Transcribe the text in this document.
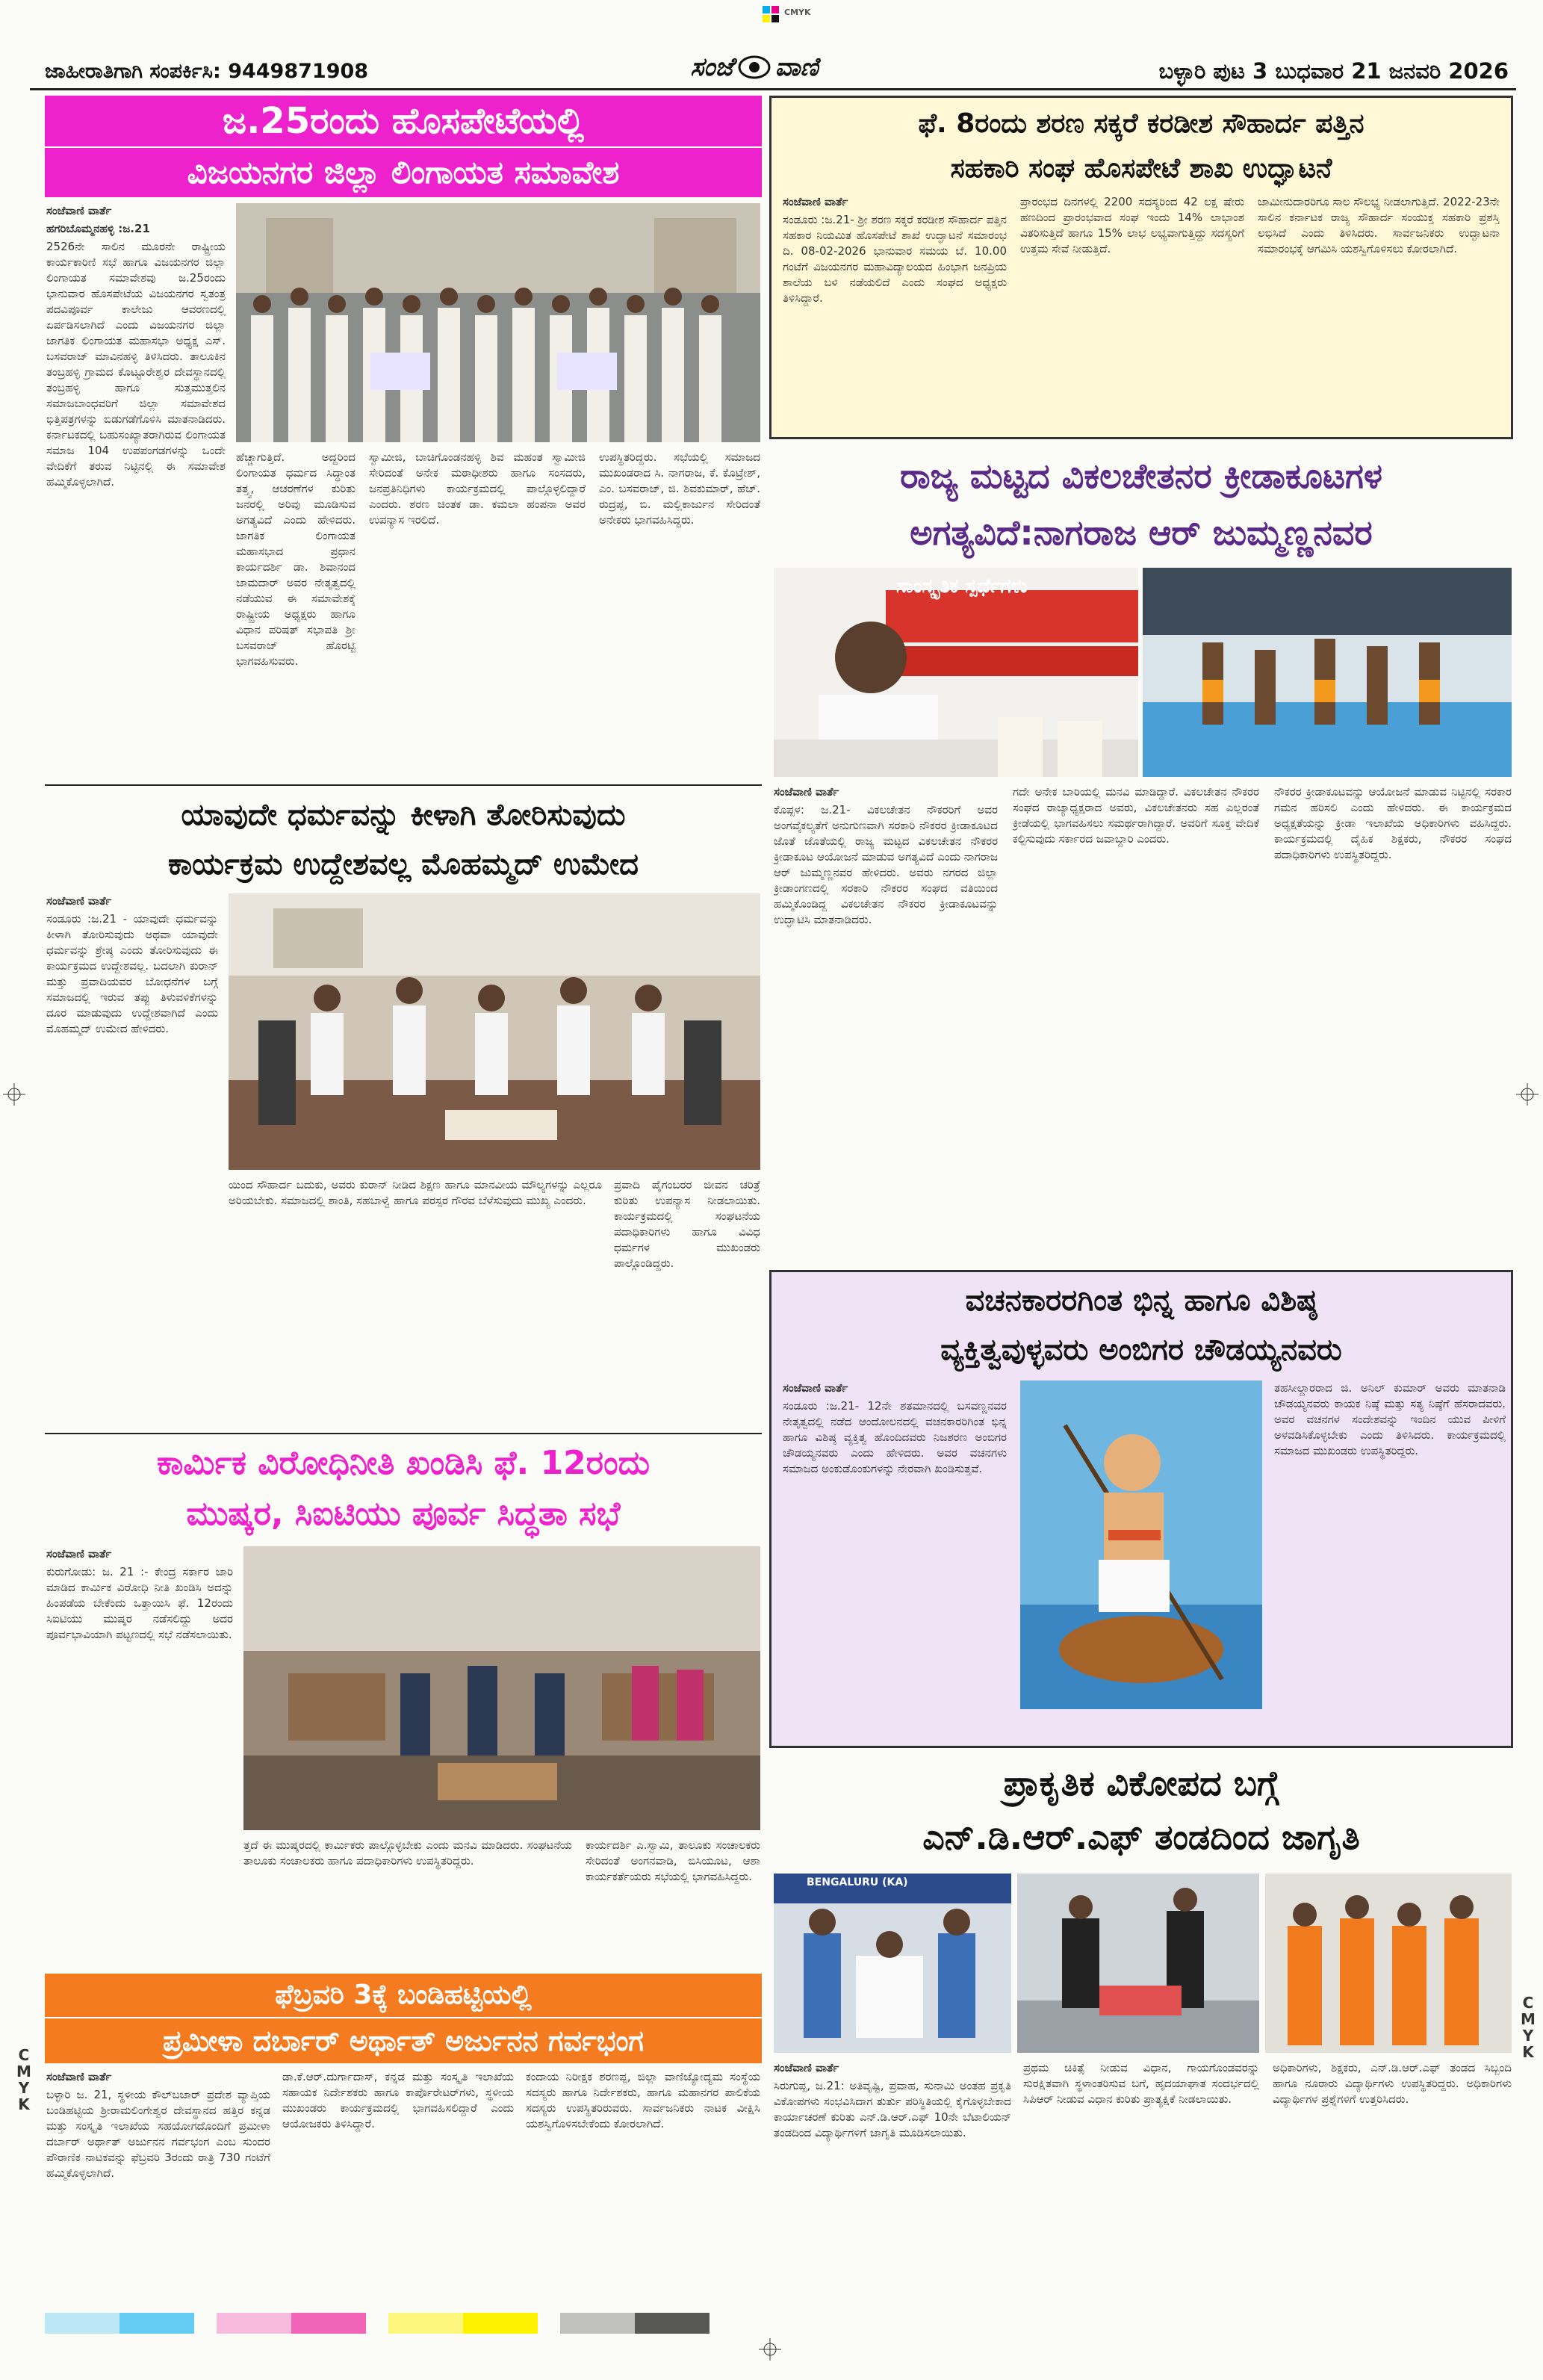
CMYK
ಜಾಹೀರಾತಿಗಾಗಿ ಸಂಪರ್ಕಿಸಿ: 9449871908	ಸಂಜೆ ವಾಣಿ	ಬಳ್ಳಾರಿ ಪುಟ 3 ಬುಧವಾರ 21 ಜನವರಿ 2026
ಜ.25ರಂದು ಹೊಸಪೇಟೆಯಲ್ಲಿ
ವಿಜಯನಗರ ಜಿಲ್ಲಾ ಲಿಂಗಾಯತ ಸಮಾವೇಶ
ಸಂಜೆವಾಣಿ ವಾರ್ತೆ
ಹಗರಿಬೊಮ್ಮನಹಳ್ಳಿ :ಜ.21
2526ನೇ ಸಾಲಿನ ಮೂರನೇ ರಾಷ್ಟ್ರೀಯ ಕಾರ್ಯಕಾರಿಣಿ ಸಭೆ ಹಾಗೂ ವಿಜಯನಗರ ಜಿಲ್ಲಾ ಲಿಂಗಾಯತ ಸಮಾವೇಶವು ಜ.25ರಂದು ಭಾನುವಾರ ಹೊಸಪೇಟೆಯ ವಿಜಯನಗರ ಸ್ವತಂತ್ರ ಪದವಿಪೂರ್ವ ಕಾಲೇಜು ಆವರಣದಲ್ಲಿ ಏರ್ಪಡಿಸಲಾಗಿದೆ ಎಂದು ವಿಜಯನಗರ ಜಿಲ್ಲಾ ಜಾಗತಿಕ ಲಿಂಗಾಯತ ಮಹಾಸಭಾ ಅಧ್ಯಕ್ಷ ಎಸ್. ಬಸವರಾಜ್ ಮಾವಿನಹಳ್ಳಿ ತಿಳಿಸಿದರು. ತಾಲೂಕಿನ ತಂಬ್ರಹಳ್ಳಿ ಗ್ರಾಮದ ಕೊಟ್ಟೂರೇಶ್ವರ ದೇವಸ್ಥಾನದಲ್ಲಿ ತಂಬ್ರಹಳ್ಳಿ ಹಾಗೂ ಸುತ್ತಮುತ್ತಲಿನ ಸಮಾಜಬಾಂಧವರಿಗೆ ಜಿಲ್ಲಾ ಸಮಾವೇಶದ ಭಿತ್ತಿಪತ್ರಗಳನ್ನು ಬಿಡುಗಡೆಗೊಳಿಸಿ ಮಾತನಾಡಿದರು. ಕರ್ನಾಟಕದಲ್ಲಿ ಬಹುಸಂಖ್ಯಾತರಾಗಿರುವ ಲಿಂಗಾಯತ ಸಮಾಜ 104 ಉಪಪಂಗಡಗಳನ್ನು ಒಂದೇ ವೇದಿಕೆಗೆ ತರುವ ನಿಟ್ಟಿನಲ್ಲಿ ಈ ಸಮಾವೇಶ ಹಮ್ಮಿಕೊಳ್ಳಲಾಗಿದೆ.
ಹೆಚ್ಚಾಗುತ್ತಿದೆ. ಅದ್ದರಿಂದ ಲಿಂಗಾಯತ ಧರ್ಮದ ಸಿದ್ಧಾಂತ ತತ್ತ್ವ, ಆಚರಣೆಗಳ ಕುರಿತು ಜನರಲ್ಲಿ ಅರಿವು ಮೂಡಿಸುವ ಅಗತ್ಯವಿದೆ ಎಂದು ಹೇಳಿದರು. ಜಾಗತಿಕ ಲಿಂಗಾಯತ ಮಹಾಸಭಾದ ಪ್ರಧಾನ ಕಾರ್ಯದರ್ಶಿ ಡಾ. ಶಿವಾನಂದ ಜಾಮದಾರ್ ಅವರ ನೇತೃತ್ವದಲ್ಲಿ ನಡೆಯುವ ಈ ಸಮಾವೇಶಕ್ಕೆ ರಾಷ್ಟ್ರೀಯ ಅಧ್ಯಕ್ಷರು ಹಾಗೂ ವಿಧಾನ ಪರಿಷತ್ ಸಭಾಪತಿ ಶ್ರೀ ಬಸವರಾಜ್ ಹೊರಟ್ಟಿ ಭಾಗವಹಿಸುವರು.
ಸ್ವಾಮೀಜಿ, ಬಾಚಿಗೊಂಡನಹಳ್ಳಿ ಶಿವ ಮಹಂತ ಸ್ವಾಮೀಜಿ ಸೇರಿದಂತೆ ಅನೇಕ ಮಠಾಧೀಶರು ಹಾಗೂ ಸಂಸದರು, ಜನಪ್ರತಿನಿಧಿಗಳು ಕಾರ್ಯಕ್ರಮದಲ್ಲಿ ಪಾಲ್ಗೊಳ್ಳಲಿದ್ದಾರೆ ಎಂದರು. ಶರಣ ಚಿಂತಕ ಡಾ. ಕಮಲಾ ಹಂಪನಾ ಅವರ ಉಪನ್ಯಾಸ ಇರಲಿದೆ.
ಉಪಸ್ಥಿತರಿದ್ದರು. ಸಭೆಯಲ್ಲಿ ಸಮಾಜದ ಮುಖಂಡರಾದ ಸಿ. ನಾಗರಾಜ, ಕೆ. ಕೊಟ್ರೇಶ್, ಎಂ. ಬಸವರಾಜ್, ಜಿ. ಶಿವಕುಮಾರ್, ಹೆಚ್. ರುದ್ರಪ್ಪ, ಬಿ. ಮಲ್ಲಿಕಾರ್ಜುನ ಸೇರಿದಂತೆ ಅನೇಕರು ಭಾಗವಹಿಸಿದ್ದರು.
ಫೆ. 8ರಂದು ಶರಣ ಸಕ್ಕರೆ ಕರಡೀಶ ಸೌಹಾರ್ದ ಪತ್ತಿನ
ಸಹಕಾರಿ ಸಂಘ ಹೊಸಪೇಟೆ ಶಾಖ ಉದ್ಘಾಟನೆ
ಸಂಜೆವಾಣಿ ವಾರ್ತೆ
ಸಂಡೂರು :ಜ.21- ಶ್ರೀ ಶರಣ ಸಕ್ಕರೆ ಕರಡೀಶ ಸೌಹಾರ್ದ ಪತ್ತಿನ ಸಹಕಾರ ನಿಯಮಿತ ಹೊಸಪೇಟೆ ಶಾಖೆ ಉದ್ಘಾಟನೆ ಸಮಾರಂಭ ದಿ. 08-02-2026 ಭಾನುವಾರ ಸಮಯ ಬೆ. 10.00 ಗಂಟೆಗೆ ವಿಜಯನಗರ ಮಹಾವಿದ್ಯಾಲಯದ ಹಿಂಭಾಗ ಜನಪ್ರಿಯ ಶಾಲೆಯ ಬಳಿ ನಡೆಯಲಿದೆ ಎಂದು ಸಂಘದ ಅಧ್ಯಕ್ಷರು ತಿಳಿಸಿದ್ದಾರೆ.
ಪ್ರಾರಂಭದ ದಿನಗಳಲ್ಲಿ 2200 ಸದಸ್ಯರಿಂದ 42 ಲಕ್ಷ ಷೇರು ಹಣದಿಂದ ಪ್ರಾರಂಭವಾದ ಸಂಘ ಇಂದು 14% ಲಾಭಾಂಶ ವಿತರಿಸುತ್ತಿದೆ ಹಾಗೂ 15% ಲಾಭ ಲಭ್ಯವಾಗುತ್ತಿದ್ದು ಸದಸ್ಯರಿಗೆ ಉತ್ತಮ ಸೇವೆ ನೀಡುತ್ತಿದೆ.
ಜಾಮೀನುದಾರರಿಗೂ ಸಾಲ ಸೌಲಭ್ಯ ನೀಡಲಾಗುತ್ತಿದೆ. 2022-23ನೇ ಸಾಲಿನ ಕರ್ನಾಟಕ ರಾಜ್ಯ ಸೌಹಾರ್ದ ಸಂಯುಕ್ತ ಸಹಕಾರಿ ಪ್ರಶಸ್ತಿ ಲಭಿಸಿದೆ ಎಂದು ತಿಳಿಸಿದರು. ಸಾರ್ವಜನಿಕರು ಉದ್ಘಾಟನಾ ಸಮಾರಂಭಕ್ಕೆ ಆಗಮಿಸಿ ಯಶಸ್ವಿಗೊಳಿಸಲು ಕೋರಲಾಗಿದೆ.
ರಾಜ್ಯ ಮಟ್ಟದ ವಿಕಲಚೇತನರ ಕ್ರೀಡಾಕೂಟಗಳ
ಅಗತ್ಯವಿದೆ:ನಾಗರಾಜ ಆರ್ ಜುಮ್ಮಣ್ಣನವರ
ಸಾಂಸ್ಕೃತಿಕ ಸ್ಪರ್ಧೆಗಳು
ಸಂಜೆವಾಣಿ ವಾರ್ತೆ
ಕೊಪ್ಪಳ: ಜ.21- ವಿಕಲಚೇತನ ನೌಕರರಿಗೆ ಅವರ ಅಂಗವೈಕಲ್ಯತೆಗೆ ಅನುಗುಣವಾಗಿ ಸರಕಾರಿ ನೌಕರರ ಕ್ರೀಡಾಕೂಟದ ಜೊತೆ ಜೊತೆಯಲ್ಲಿ ರಾಜ್ಯ ಮಟ್ಟದ ವಿಕಲಚೇತನ ನೌಕರರ ಕ್ರೀಡಾಕೂಟ ಆಯೋಜನೆ ಮಾಡುವ ಅಗತ್ಯವಿದೆ ಎಂದು ನಾಗರಾಜ ಆರ್ ಜುಮ್ಮಣ್ಣನವರ ಹೇಳಿದರು. ಅವರು ನಗರದ ಜಿಲ್ಲಾ ಕ್ರೀಡಾಂಗಣದಲ್ಲಿ ಸರಕಾರಿ ನೌಕರರ ಸಂಘದ ವತಿಯಿಂದ ಹಮ್ಮಿಕೊಂಡಿದ್ದ ವಿಕಲಚೇತನ ನೌಕರರ ಕ್ರೀಡಾಕೂಟವನ್ನು ಉದ್ಘಾಟಿಸಿ ಮಾತನಾಡಿದರು.
ಗದೇ ಅನೇಕ ಬಾರಿಯಲ್ಲಿ ಮನವಿ ಮಾಡಿದ್ದಾರೆ. ವಿಕಲಚೇತನ ನೌಕರರ ಸಂಘದ ರಾಜ್ಯಾಧ್ಯಕ್ಷರಾದ ಅವರು, ವಿಕಲಚೇತನರು ಸಹ ಎಲ್ಲರಂತೆ ಕ್ರೀಡೆಯಲ್ಲಿ ಭಾಗವಹಿಸಲು ಸಮರ್ಥರಾಗಿದ್ದಾರೆ. ಅವರಿಗೆ ಸೂಕ್ತ ವೇದಿಕೆ ಕಲ್ಪಿಸುವುದು ಸರ್ಕಾರದ ಜವಾಬ್ದಾರಿ ಎಂದರು.
ನೌಕರರ ಕ್ರೀಡಾಕೂಟವನ್ನು ಆಯೋಜನೆ ಮಾಡುವ ನಿಟ್ಟಿನಲ್ಲಿ ಸರಕಾರ ಗಮನ ಹರಿಸಲಿ ಎಂದು ಹೇಳಿದರು. ಈ ಕಾರ್ಯಕ್ರಮದ ಅಧ್ಯಕ್ಷತೆಯನ್ನು ಕ್ರೀಡಾ ಇಲಾಖೆಯ ಅಧಿಕಾರಿಗಳು ವಹಿಸಿದ್ದರು. ಕಾರ್ಯಕ್ರಮದಲ್ಲಿ ದೈಹಿಕ ಶಿಕ್ಷಕರು, ನೌಕರರ ಸಂಘದ ಪದಾಧಿಕಾರಿಗಳು ಉಪಸ್ಥಿತರಿದ್ದರು.
ಯಾವುದೇ ಧರ್ಮವನ್ನು ಕೀಳಾಗಿ ತೋರಿಸುವುದು
ಕಾರ್ಯಕ್ರಮ ಉದ್ದೇಶವಲ್ಲ ಮೊಹಮ್ಮದ್ ಉಮೇದ
ಸಂಜೆವಾಣಿ ವಾರ್ತೆ
ಸಂಡೂರು :ಜ.21 - ಯಾವುದೇ ಧರ್ಮವನ್ನು ಕೀಳಾಗಿ ತೋರಿಸುವುದು ಅಥವಾ ಯಾವುದೇ ಧರ್ಮವನ್ನು ಶ್ರೇಷ್ಠ ಎಂದು ತೋರಿಸುವುದು ಈ ಕಾರ್ಯಕ್ರಮದ ಉದ್ದೇಶವಲ್ಲ. ಬದಲಾಗಿ ಕುರಾನ್ ಮತ್ತು ಪ್ರವಾದಿಯವರ ಬೋಧನೆಗಳ ಬಗ್ಗೆ ಸಮಾಜದಲ್ಲಿ ಇರುವ ತಪ್ಪು ತಿಳುವಳಿಕೆಗಳನ್ನು ದೂರ ಮಾಡುವುದು ಉದ್ದೇಶವಾಗಿದೆ ಎಂದು ಮೊಹಮ್ಮದ್ ಉಮೇದ ಹೇಳಿದರು.
ಯಿಂದ ಸೌಹಾರ್ದ ಬದುಕು, ಅವರು ಕುರಾನ್ ನೀಡಿದ ಶಿಕ್ಷಣ ಹಾಗೂ ಮಾನವೀಯ ಮೌಲ್ಯಗಳನ್ನು ಎಲ್ಲರೂ ಅರಿಯಬೇಕು. ಸಮಾಜದಲ್ಲಿ ಶಾಂತಿ, ಸಹಬಾಳ್ವೆ ಹಾಗೂ ಪರಸ್ಪರ ಗೌರವ ಬೆಳೆಸುವುದು ಮುಖ್ಯ ಎಂದರು.
ಪ್ರವಾದಿ ಪೈಗಂಬರರ ಜೀವನ ಚರಿತ್ರೆ ಕುರಿತು ಉಪನ್ಯಾಸ ನೀಡಲಾಯಿತು. ಕಾರ್ಯಕ್ರಮದಲ್ಲಿ ಸಂಘಟನೆಯ ಪದಾಧಿಕಾರಿಗಳು ಹಾಗೂ ವಿವಿಧ ಧರ್ಮಗಳ ಮುಖಂಡರು ಪಾಲ್ಗೊಂಡಿದ್ದರು.
ಕಾರ್ಮಿಕ ವಿರೋಧಿನೀತಿ ಖಂಡಿಸಿ ಫೆ. 12ರಂದು
ಮುಷ್ಕರ, ಸಿಐಟಿಯು ಪೂರ್ವ ಸಿದ್ಧತಾ ಸಭೆ
ಸಂಜೆವಾಣಿ ವಾರ್ತೆ
ಕುರುಗೋಡು: ಜ. 21 :- ಕೇಂದ್ರ ಸರ್ಕಾರ ಜಾರಿ ಮಾಡಿದ ಕಾರ್ಮಿಕ ವಿರೋಧಿ ನೀತಿ ಖಂಡಿಸಿ ಅದನ್ನು ಹಿಂಪಡೆಯ ಬೇಕೆಂದು ಒತ್ತಾಯಿಸಿ ಫೆ. 12ರಂದು ಸಿಐಟಿಯು ಮುಷ್ಕರ ನಡೆಸಲಿದ್ದು ಅದರ ಪೂರ್ವಭಾವಿಯಾಗಿ ಪಟ್ಟಣದಲ್ಲಿ ಸಭೆ ನಡೆಸಲಾಯಿತು.
ತ್ತದೆ ಈ ಮುಷ್ಕರದಲ್ಲಿ ಕಾರ್ಮಿಕರು ಪಾಲ್ಗೊಳ್ಳಬೇಕು ಎಂದು ಮನವಿ ಮಾಡಿದರು. ಸಂಘಟನೆಯ ತಾಲೂಕು ಸಂಚಾಲಕರು ಹಾಗೂ ಪದಾಧಿಕಾರಿಗಳು ಉಪಸ್ಥಿತರಿದ್ದರು.
ಕಾರ್ಯದರ್ಶಿ ಎ.ಸ್ವಾಮಿ, ತಾಲೂಕು ಸಂಚಾಲಕರು ಸೇರಿದಂತೆ ಅಂಗನವಾಡಿ, ಬಿಸಿಯೂಟ, ಆಶಾ ಕಾರ್ಯಕರ್ತೆಯರು ಸಭೆಯಲ್ಲಿ ಭಾಗವಹಿಸಿದ್ದರು.
ವಚನಕಾರರಗಿಂತ ಭಿನ್ನ ಹಾಗೂ ವಿಶಿಷ್ಠ
ವ್ಯಕ್ತಿತ್ವವುಳ್ಳವರು ಅಂಬಿಗರ ಚೌಡಯ್ಯನವರು
ಸಂಜೆವಾಣಿ ವಾರ್ತೆ
ಸಂಡೂರು :ಜ.21- 12ನೇ ಶತಮಾನದಲ್ಲಿ ಬಸವಣ್ಣನವರ ನೇತೃತ್ವದಲ್ಲಿ ನಡೆದ ಆಂದೋಲನದಲ್ಲಿ ವಚನಕಾರರಿಗಿಂತ ಭಿನ್ನ ಹಾಗೂ ವಿಶಿಷ್ಠ ವ್ಯಕ್ತಿತ್ವ ಹೊಂದಿದವರು ನಿಜಶರಣ ಅಂಬಿಗರ ಚೌಡಯ್ಯನವರು ಎಂದು ಹೇಳಿದರು. ಅವರ ವಚನಗಳು ಸಮಾಜದ ಅಂಕುಡೊಂಕುಗಳನ್ನು ನೇರವಾಗಿ ಖಂಡಿಸುತ್ತವೆ.
ತಹಸೀಲ್ದಾರರಾದ ಜಿ. ಅನಿಲ್ ಕುಮಾರ್ ಅವರು ಮಾತನಾಡಿ ಚೌಡಯ್ಯನವರು ಕಾಯಕ ನಿಷ್ಠೆ ಮತ್ತು ಸತ್ಯ ನಿಷ್ಠೆಗೆ ಹೆಸರಾದವರು. ಅವರ ವಚನಗಳ ಸಂದೇಶವನ್ನು ಇಂದಿನ ಯುವ ಪೀಳಿಗೆ ಅಳವಡಿಸಿಕೊಳ್ಳಬೇಕು ಎಂದು ತಿಳಿಸಿದರು. ಕಾರ್ಯಕ್ರಮದಲ್ಲಿ ಸಮಾಜದ ಮುಖಂಡರು ಉಪಸ್ಥಿತರಿದ್ದರು.
ಫೆಬ್ರವರಿ 3ಕ್ಕೆ ಬಂಡಿಹಟ್ಟಿಯಲ್ಲಿ
ಪ್ರಮೀಳಾ ದರ್ಬಾರ್ ಅರ್ಥಾತ್ ಅರ್ಜುನನ ಗರ್ವಭಂಗ
ಸಂಜೆವಾಣಿ ವಾರ್ತೆ
ಬಳ್ಳಾರಿ ಜ. 21, ಸ್ಥಳೀಯ ಕೌಲ್‌ಬಜಾರ್ ಪ್ರದೇಶ ವ್ಯಾಪ್ತಿಯ ಬಂಡಿಹಟ್ಟಿಯ ಶ್ರೀರಾಮಲಿಂಗೇಶ್ವರ ದೇವಸ್ಥಾನದ ಹತ್ತಿರ ಕನ್ನಡ ಮತ್ತು ಸಂಸ್ಕೃತಿ ಇಲಾಖೆಯ ಸಹಯೋಗದೊಂದಿಗೆ ಪ್ರಮೀಳಾ ದರ್ಬಾರ್ ಅರ್ಥಾತ್ ಅರ್ಜುನನ ಗರ್ವಭಂಗ ಎಂಬ ಸುಂದರ ಪೌರಾಣಿಕ ನಾಟಕವನ್ನು ಫೆಬ್ರವರಿ 3ರಂದು ರಾತ್ರಿ 730 ಗಂಟೆಗೆ ಹಮ್ಮಿಕೊಳ್ಳಲಾಗಿದೆ.
ಡಾ.ಕೆ.ಆರ್.ದುರ್ಗಾದಾಸ್, ಕನ್ನಡ ಮತ್ತು ಸಂಸ್ಕೃತಿ ಇಲಾಖೆಯ ಸಹಾಯಕ ನಿರ್ದೇಶಕರು ಹಾಗೂ ಕಾರ್ಪೊರೇಟರ್‌ಗಳು, ಸ್ಥಳೀಯ ಮುಖಂಡರು ಕಾರ್ಯಕ್ರಮದಲ್ಲಿ ಭಾಗವಹಿಸಲಿದ್ದಾರೆ ಎಂದು ಆಯೋಜಕರು ತಿಳಿಸಿದ್ದಾರೆ.
ಕಂದಾಯ ನಿರೀಕ್ಷಕ ಶರಣಪ್ಪ, ಜಿಲ್ಲಾ ವಾಣಿಜ್ಯೋದ್ಯಮ ಸಂಸ್ಥೆಯ ಸದಸ್ಯರು ಹಾಗೂ ನಿರ್ದೇಶಕರು, ಹಾಗೂ ಮಹಾನಗರ ಪಾಲಿಕೆಯ ಸದಸ್ಯರು ಉಪಸ್ಥಿತರಿರುವರು. ಸಾರ್ವಜನಿಕರು ನಾಟಕ ವೀಕ್ಷಿಸಿ ಯಶಸ್ವಿಗೊಳಿಸಬೇಕೆಂದು ಕೋರಲಾಗಿದೆ.
ಪ್ರಾಕೃತಿಕ ವಿಕೋಪದ ಬಗ್ಗೆ
ಎನ್.ಡಿ.ಆರ್.ಎಫ್ ತಂಡದಿಂದ ಜಾಗೃತಿ
BENGALURU (KA)
ಸಂಜೆವಾಣಿ ವಾರ್ತೆ
ಸಿರುಗುಪ್ಪ, ಜ.21: ಅತಿವೃಷ್ಟಿ, ಪ್ರವಾಹ, ಸುನಾಮಿ ಅಂತಹ ಪ್ರಕೃತಿ ವಿಕೋಪಗಳು ಸಂಭವಿಸಿದಾಗ ತುರ್ತು ಪರಿಸ್ಥಿತಿಯಲ್ಲಿ ಕೈಗೊಳ್ಳಬೇಕಾದ ಕಾರ್ಯಾಚರಣೆ ಕುರಿತು ಎನ್.ಡಿ.ಆರ್.ಎಫ್ 10ನೇ ಬೆಟಾಲಿಯನ್ ತಂಡದಿಂದ ವಿದ್ಯಾರ್ಥಿಗಳಿಗೆ ಜಾಗೃತಿ ಮೂಡಿಸಲಾಯಿತು.
ಪ್ರಥಮ ಚಿಕಿತ್ಸೆ ನೀಡುವ ವಿಧಾನ, ಗಾಯಗೊಂಡವರನ್ನು ಸುರಕ್ಷಿತವಾಗಿ ಸ್ಥಳಾಂತರಿಸುವ ಬಗೆ, ಹೃದಯಾಘಾತ ಸಂದರ್ಭದಲ್ಲಿ ಸಿಪಿಆರ್ ನೀಡುವ ವಿಧಾನ ಕುರಿತು ಪ್ರಾತ್ಯಕ್ಷಿಕೆ ನೀಡಲಾಯಿತು.
ಅಧಿಕಾರಿಗಳು, ಶಿಕ್ಷಕರು, ಎನ್.ಡಿ.ಆರ್.ಎಫ್ ತಂಡದ ಸಿಬ್ಬಂದಿ ಹಾಗೂ ನೂರಾರು ವಿದ್ಯಾರ್ಥಿಗಳು ಉಪಸ್ಥಿತರಿದ್ದರು. ಅಧಿಕಾರಿಗಳು ವಿದ್ಯಾರ್ಥಿಗಳ ಪ್ರಶ್ನೆಗಳಿಗೆ ಉತ್ತರಿಸಿದರು.
CMYK
CMYK
